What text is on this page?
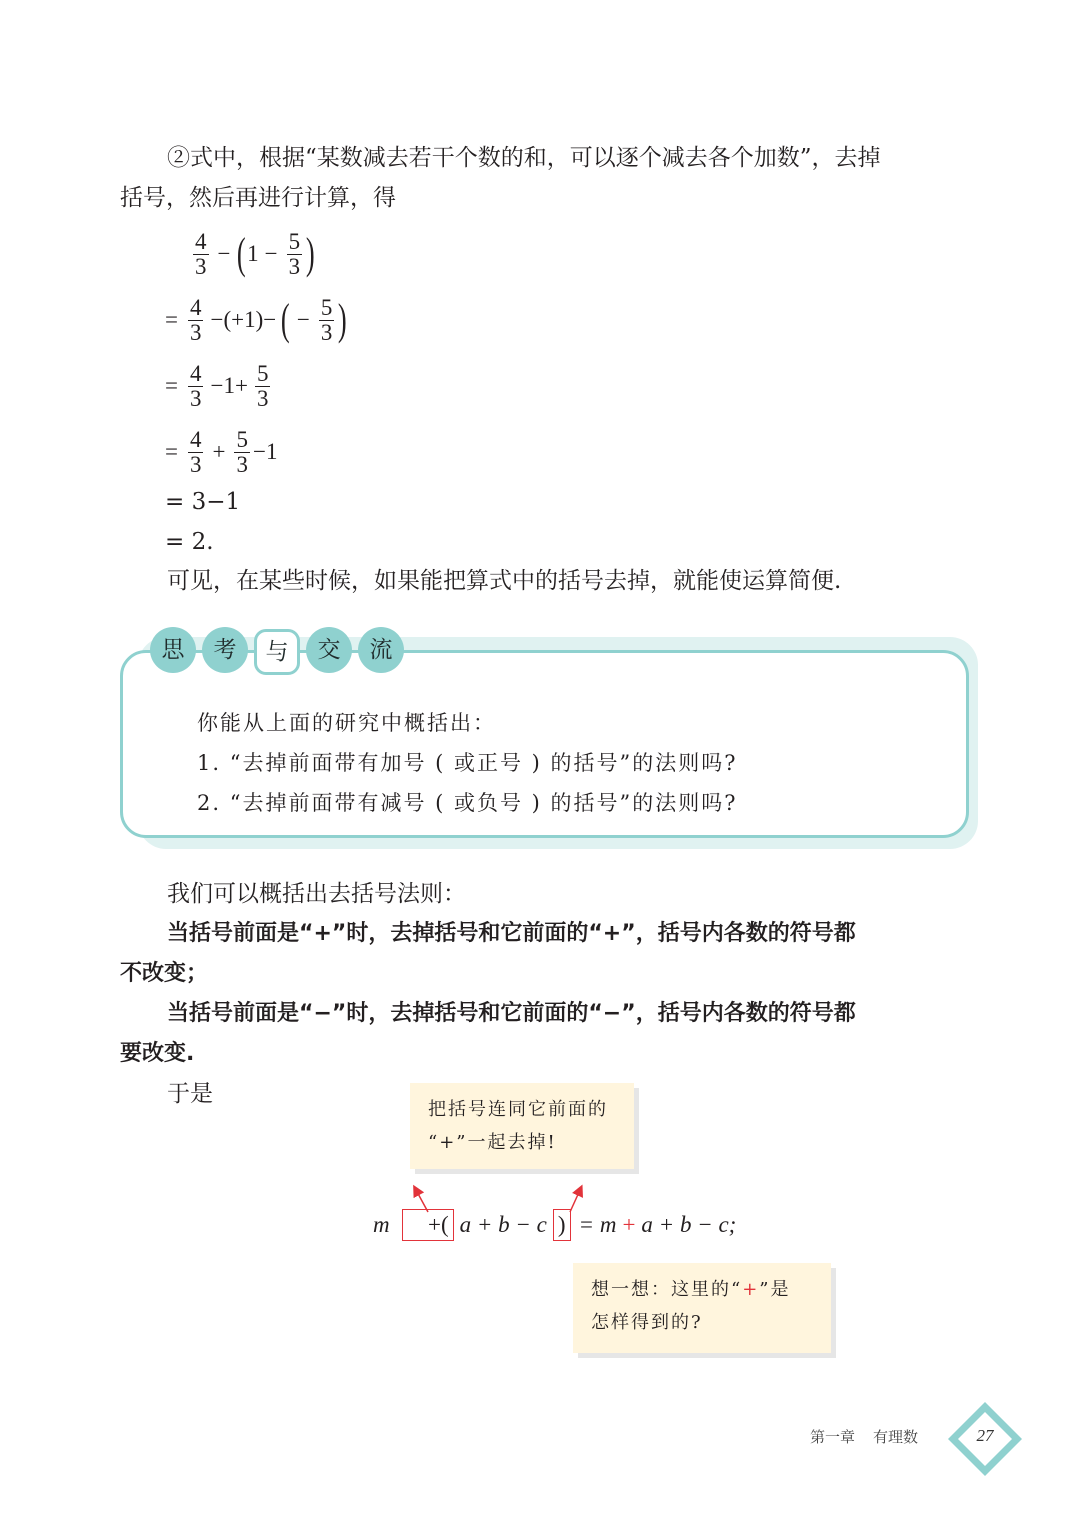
②式中，根据“某数减去若干个数的和，可以逐个减去各个加数”，去掉

括号，然后再进行计算，得

$\frac{4}{3}$ − ( $1 - \frac{5}{3}$ )
= $\frac{4}{3} -(+1)-$ ( − $\frac{5}{3}$ )
= $\frac{4}{3} -1+ \frac{5}{3}$
= $\frac{4}{3} + \frac{5}{3} -1$

= 3−1

= 2.

可见，在某些时候，如果能把算式中的括号去掉，就能使运算简便.

思	考	与	交	流

你能从上面的研究中概括出：

1. “去掉前面带有加号 ( 或正号 ) 的括号”的法则吗?

2. “去掉前面带有减号 ( 或负号 ) 的括号”的法则吗?

我们可以概括出去括号法则：

当括号前面是“+”时，去掉括号和它前面的“+”，括号内各数的符号都

不改变；

当括号前面是“−”时，去掉括号和它前面的“−”，括号内各数的符号都

要改变.

于是

把括号连同它前面的
“+”一起去掉!
m	+( a + b − c ) = m + a + b − c;
想一想：这里的“+”是
怎样得到的?
第一章 有理数	27
